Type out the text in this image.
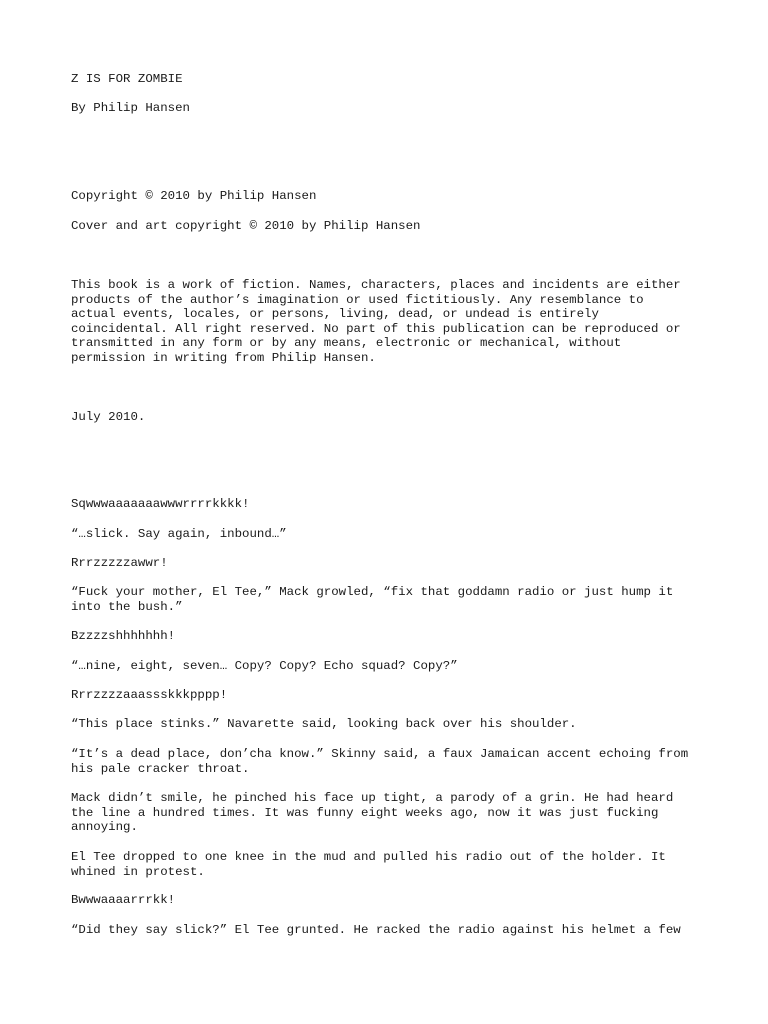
Z IS FOR ZOMBIE

By Philip Hansen

Copyright © 2010 by Philip Hansen

Cover and art copyright © 2010 by Philip Hansen

This book is a work of fiction. Names, characters, places and incidents are either
products of the author’s imagination or used fictitiously. Any resemblance to
actual events, locales, or persons, living, dead, or undead is entirely
coincidental. All right reserved. No part of this publication can be reproduced or
transmitted in any form or by any means, electronic or mechanical, without
permission in writing from Philip Hansen.

July 2010.

Sqwwwaaaaaaawwwrrrrkkkk!

“…slick. Say again, inbound…”

Rrrzzzzzawwr!

“Fuck your mother, El Tee,” Mack growled, “fix that goddamn radio or just hump it
into the bush.”

Bzzzzshhhhhhh!

“…nine, eight, seven… Copy? Copy? Echo squad? Copy?”

Rrrzzzzaaassskkkpppp!

“This place stinks.” Navarette said, looking back over his shoulder.

“It’s a dead place, don’cha know.” Skinny said, a faux Jamaican accent echoing from
his pale cracker throat.

Mack didn’t smile, he pinched his face up tight, a parody of a grin. He had heard
the line a hundred times. It was funny eight weeks ago, now it was just fucking
annoying.

El Tee dropped to one knee in the mud and pulled his radio out of the holder. It
whined in protest.

Bwwwaaaarrrkk!

“Did they say slick?” El Tee grunted. He racked the radio against his helmet a few
